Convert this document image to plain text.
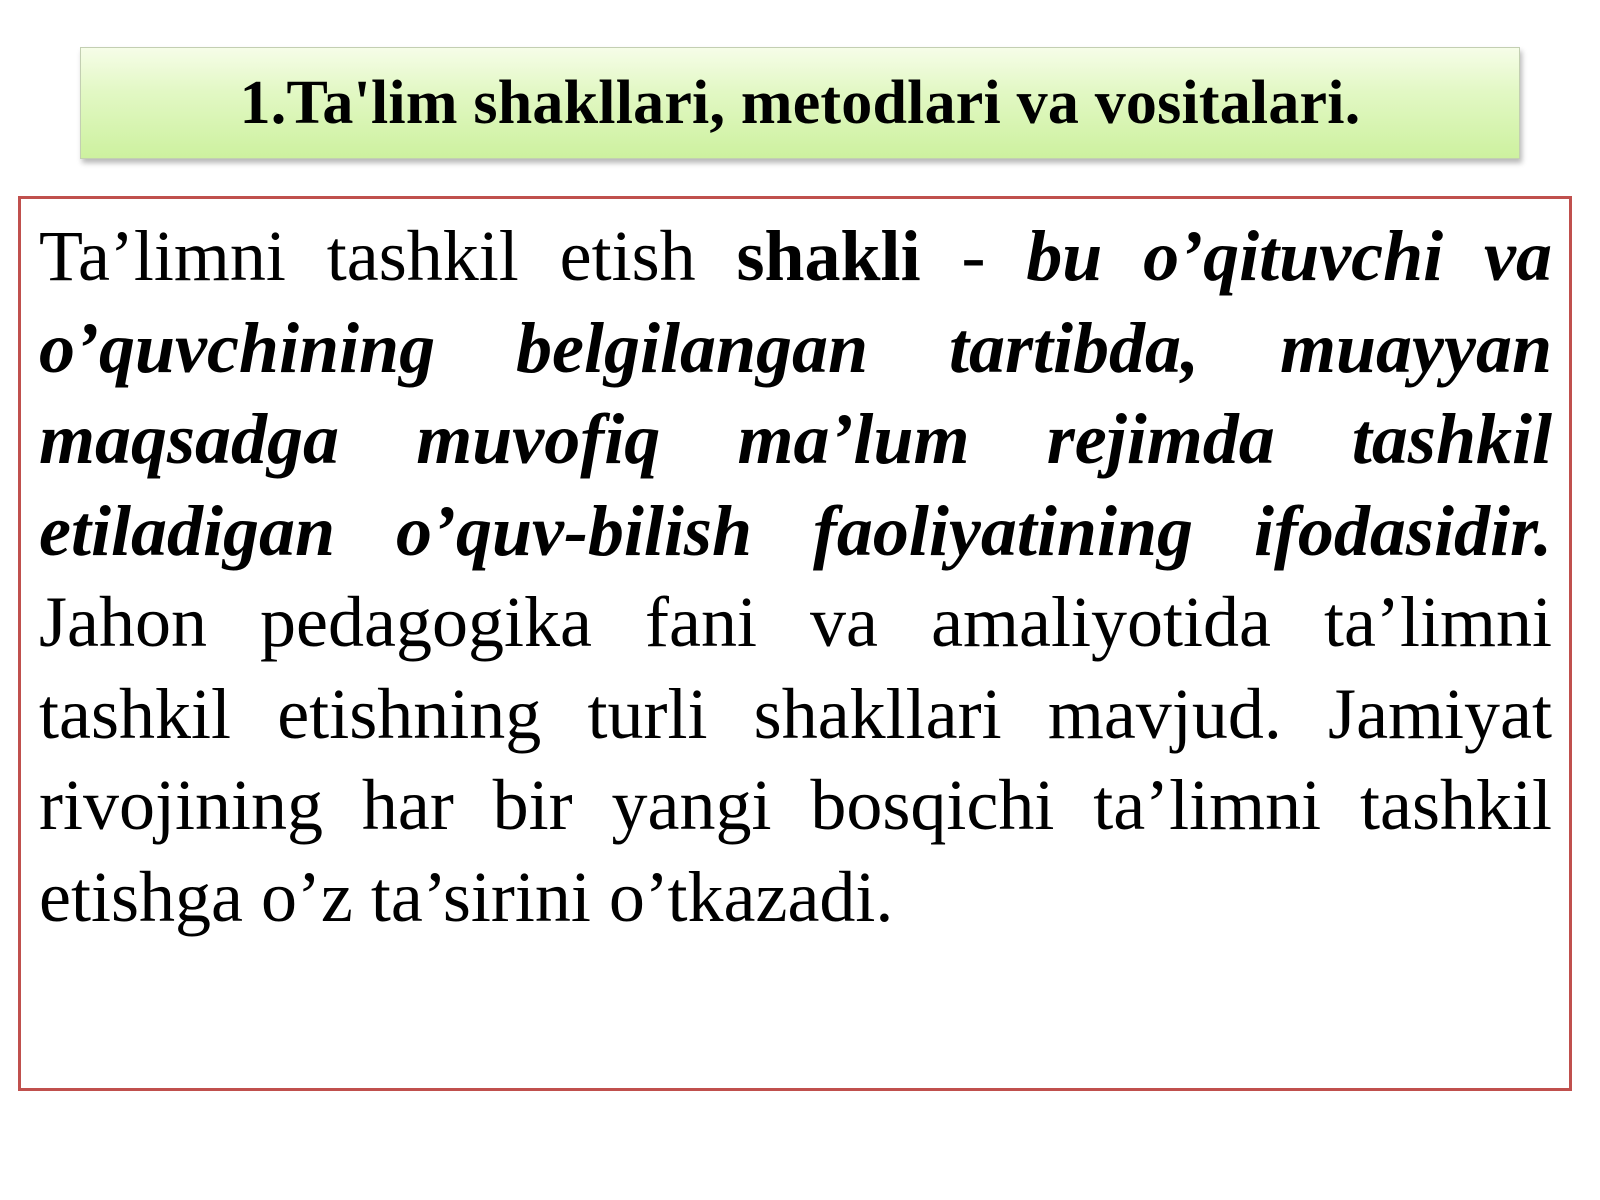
1.Ta'lim shakllari, metodlari va vositalari.

Ta’limni tashkil etish shakli - bu o’qituvchi va o’quvchining belgilangan tartibda, muayyan maqsadga muvofiq ma’lum rejimda tashkil etiladigan o’quv-bilish faoliyatining ifodasidir. Jahon pedagogika fani va amaliyotida ta’limni tashkil etishning turli shakllari mavjud. Jamiyat rivojining har bir yangi bosqichi ta’limni tashkil etishga o’z ta’sirini o’tkazadi.
